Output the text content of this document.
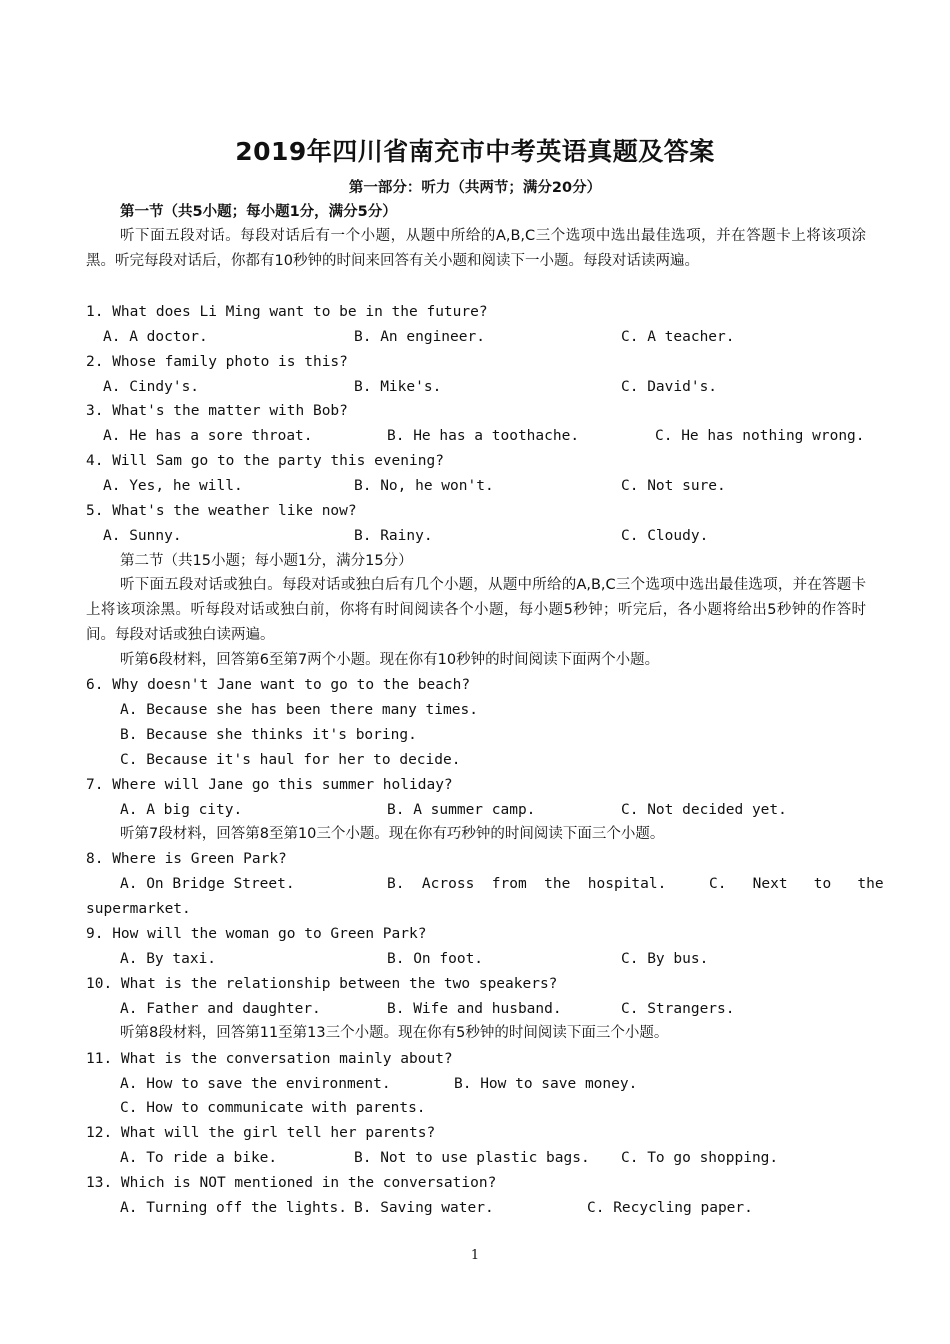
2019年四川省南充市中考英语真题及答案
第一部分：听力（共两节；满分20分）
第一节（共5小题；每小题1分，满分5分）
听下面五段对话。每段对话后有一个小题，从题中所给的A,B,C三个选项中选出最佳选项，并在答题卡上将该项涂黑。听完每段对话后，你都有10秒钟的时间来回答有关小题和阅读下一小题。每段对话读两遍。
1. What does Li Ming want to be in the future?
A. A doctor.	B. An engineer.	C. A teacher.
2. Whose family photo is this?
A. Cindy's.	B. Mike's.	C. David's.
3. What's the matter with Bob?
A. He has a sore throat.	B. He has a toothache.	C. He has nothing wrong.
4. Will Sam go to the party this evening?
A. Yes, he will.	B. No, he won't.	C. Not sure.
5. What's the weather like now?
A. Sunny.	B. Rainy.	C. Cloudy.
第二节（共15小题；每小题1分，满分15分）
听下面五段对话或独白。每段对话或独白后有几个小题，从题中所给的A,B,C三个选项中选出最佳选项，并在答题卡上将该项涂黑。听每段对话或独白前，你将有时间阅读各个小题，每小题5秒钟；听完后，各小题将给出5秒钟的作答时间。每段对话或独白读两遍。
听第6段材料，回答第6至第7两个小题。现在你有10秒钟的时间阅读下面两个小题。
6. Why doesn't Jane want to go to the beach?
A. Because she has been there many times.
B. Because she thinks it's boring.
C. Because it's haul for her to decide.
7. Where will Jane go this summer holiday?
A. A big city.	B. A summer camp.	C. Not decided yet.
听第7段材料，回答第8至第10三个小题。现在你有巧秒钟的时间阅读下面三个小题。
8. Where is Green Park?
A. On Bridge Street.	B.  Across  from  the  hospital.	C.   Next   to   the
supermarket.
9. How will the woman go to Green Park?
A. By taxi.	B. On foot.	C. By bus.
10. What is the relationship between the two speakers?
A. Father and daughter.	B. Wife and husband.	C. Strangers.
听第8段材料，回答第11至第13三个小题。现在你有5秒钟的时间阅读下面三个小题。
11. What is the conversation mainly about?
A. How to save the environment.	B. How to save money.
C. How to communicate with parents.
12. What will the girl tell her parents?
A. To ride a bike.	B. Not to use plastic bags. C. To go shopping.
13. Which is NOT mentioned in the conversation?
A. Turning off the lights. B. Saving water.	C. Recycling paper.
1
